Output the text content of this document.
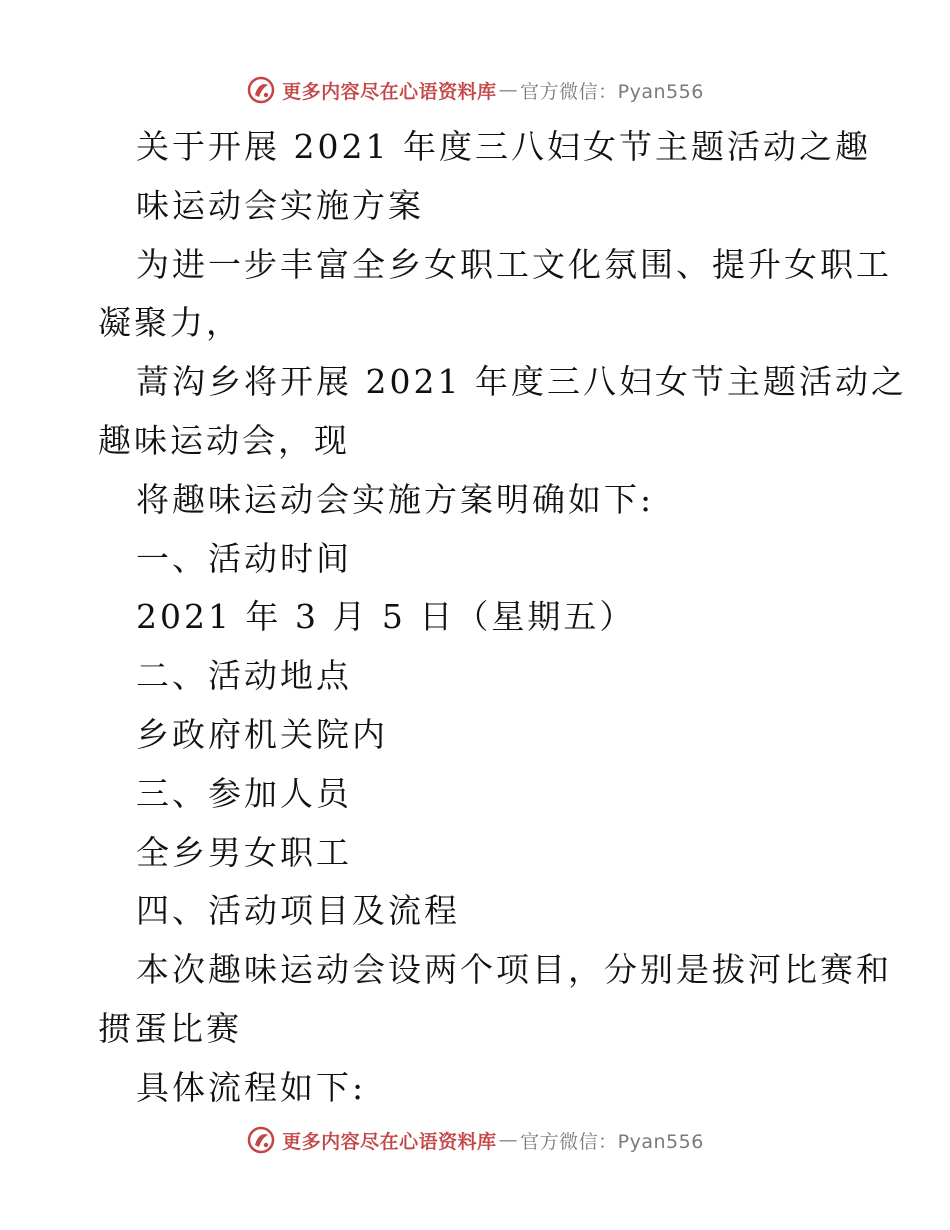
更多内容尽在心语资料库 — 官方微信：Pyan556
关于开展 2021 年度三八妇女节主题活动之趣
味运动会实施方案
为进一步丰富全乡女职工文化氛围、提升女职工
凝聚力，
蒿沟乡将开展 2021 年度三八妇女节主题活动之
趣味运动会，现
将趣味运动会实施方案明确如下:
一、活动时间
2021 年 3 月 5 日（星期五）
二、活动地点
乡政府机关院内
三、参加人员
全乡男女职工
四、活动项目及流程
本次趣味运动会设两个项目，分别是拔河比赛和
掼蛋比赛
具体流程如下:
更多内容尽在心语资料库 — 官方微信：Pyan556
